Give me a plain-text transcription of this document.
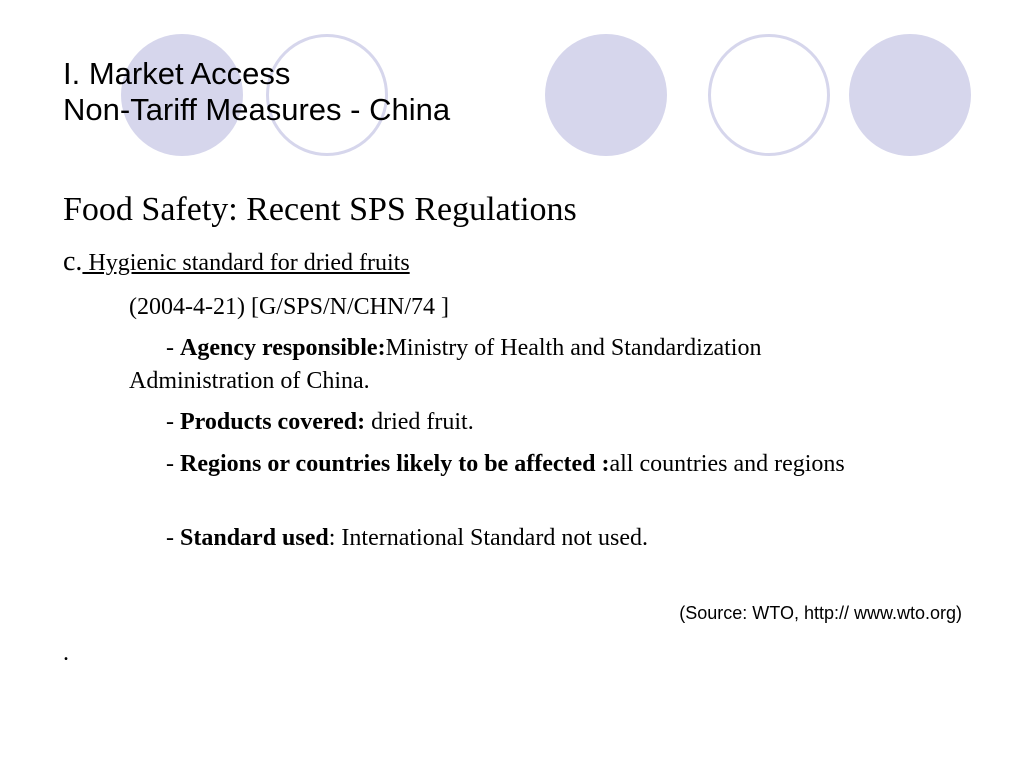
I. Market Access
Non-Tariff Measures - China
Food Safety: Recent SPS Regulations
c. Hygienic standard for dried fruits
(2004-4-21) [G/SPS/N/CHN/74 ]
- Agency responsible:Ministry of Health and Standardization Administration of China.
- Products covered: dried fruit.
- Regions or countries likely to be affected :all countries and regions
- Standard used: International Standard not used.
(Source: WTO, http:// www.wto.org)
.
